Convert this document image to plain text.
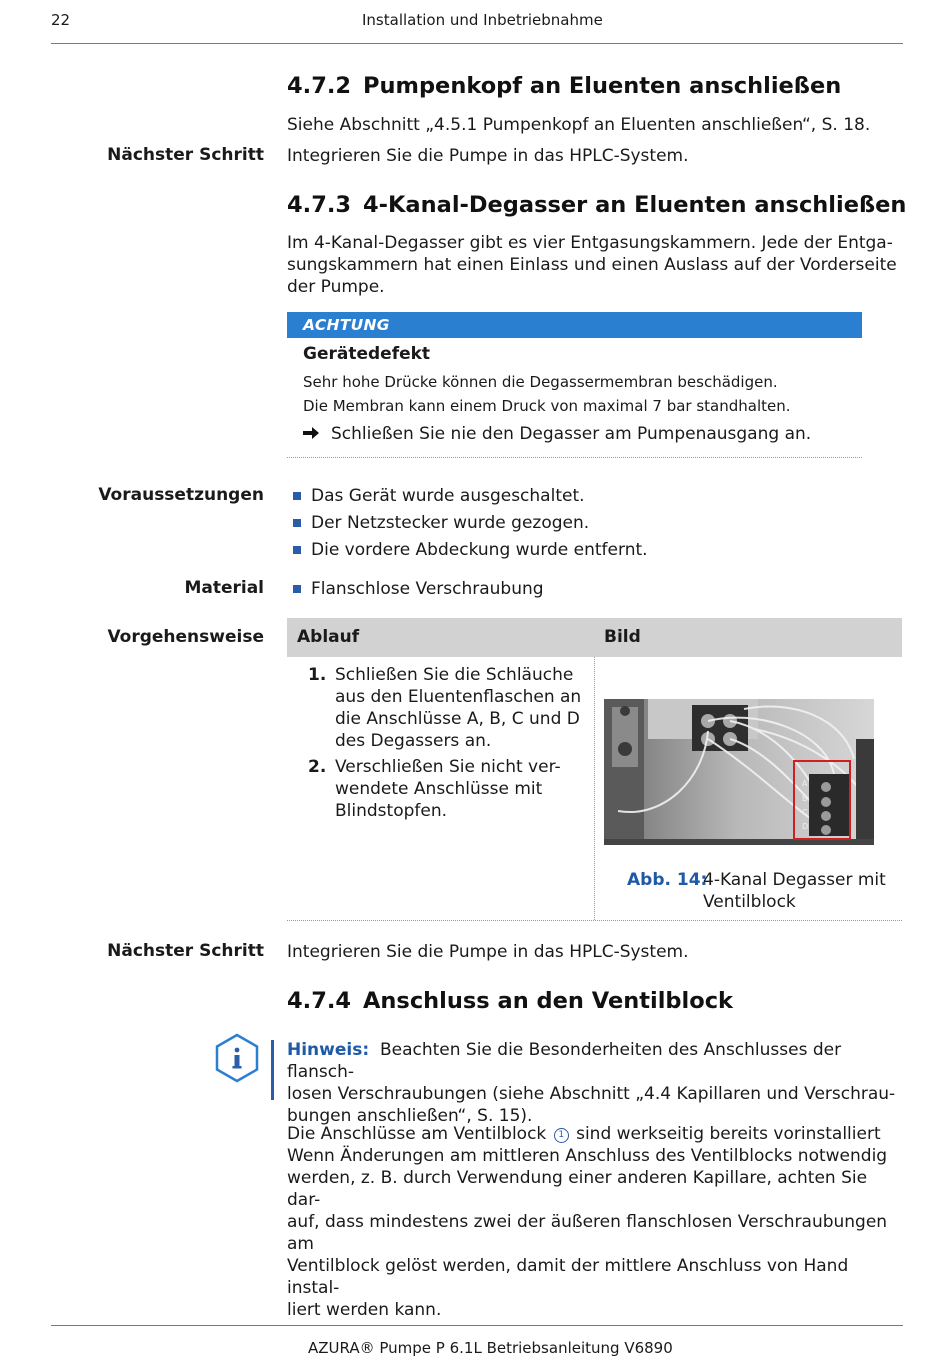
22	Installation und Inbetriebnahme
4.7.2 Pumpenkopf an Eluenten anschließen
Siehe Abschnitt „4.5.1 Pumpenkopf an Eluenten anschließen“, S. 18.
Nächster Schritt Integrieren Sie die Pumpe in das HPLC-System.
4.7.3 4-Kanal-Degasser an Eluenten anschließen
Im 4-Kanal-Degasser gibt es vier Entgasungskammern. Jede der Entga-
sungskammern hat einen Einlass und einen Auslass auf der Vorderseite
der Pumpe.
ACHTUNG
Gerätedefekt
Sehr hohe Drücke können die Degassermembran beschädigen.
Die Membran kann einem Druck von maximal 7 bar standhalten.
Schließen Sie nie den Degasser am Pumpenausgang an.
Voraussetzungen	Das Gerät wurde ausgeschaltet.
Der Netzstecker wurde gezogen.
Die vordere Abdeckung wurde entfernt.
Material	Flanschlose Verschraubung
Vorgehensweise Ablauf	Bild
1. Schließen Sie die Schläuche
aus den Eluentenflaschen an
die Anschlüsse A, B, C und D
des Degassers an.
2. Verschließen Sie nicht ver-
wendete Anschlüsse mit
Blindstopfen.
A
B
C
D
Abb. 14:
4-Kanal Degasser mit
Ventilblock
Nächster Schritt Integrieren Sie die Pumpe in das HPLC-System.
4.7.4 Anschluss an den Ventilblock
Hinweis: Beachten Sie die Besonderheiten des Anschlusses der flansch-
losen Verschraubungen (siehe Abschnitt „4.4 Kapillaren und Verschrau-
bungen anschließen“, S. 15).
Die Anschlüsse am Ventilblock 1 sind werkseitig bereits vorinstalliert
Wenn Änderungen am mittleren Anschluss des Ventilblocks notwendig
werden, z. B. durch Verwendung einer anderen Kapillare, achten Sie dar-
auf, dass mindestens zwei der äußeren flanschlosen Verschraubungen am
Ventilblock gelöst werden, damit der mittlere Anschluss von Hand instal-
liert werden kann.
AZURA® Pumpe P 6.1L Betriebsanleitung V6890
